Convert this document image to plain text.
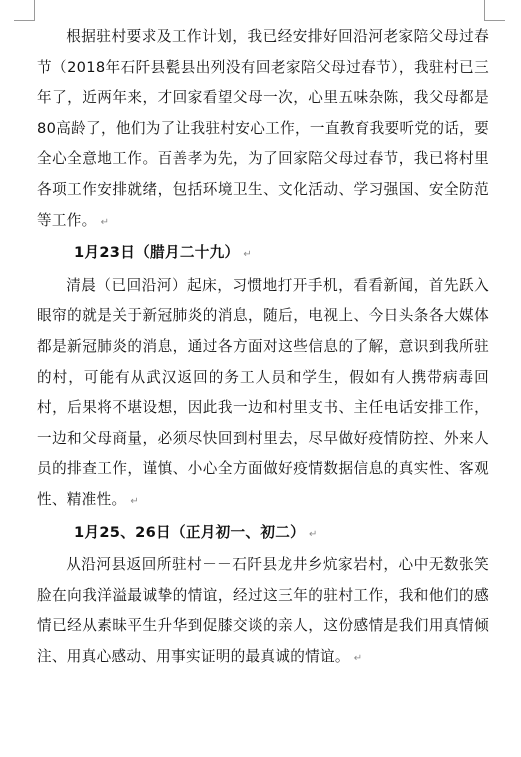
根据驻村要求及工作计划，我已经安排好回沿河老家陪父母过春节（2018年石阡县甏县出列没有回老家陪父母过春节），我驻村已三年了，近两年来，才回家看望父母一次，心里五味杂陈，我父母都是80高龄了，他们为了让我驻村安心工作，一直教育我要听党的话，要全心全意地工作。百善孝为先，为了回家陪父母过春节，我已将村里各项工作安排就绪，包括环境卫生、文化活动、学习强国、安全防范等工作。 ↵

1月23日（腊月二十九） ↵

清晨（已回沿河）起床，习惯地打开手机，看看新闻，首先跃入眼帘的就是关于新冠肺炎的消息，随后，电视上、今日头条各大媒体都是新冠肺炎的消息，通过各方面对这些信息的了解，意识到我所驻的村，可能有从武汉返回的务工人员和学生，假如有人携带病毒回村，后果将不堪设想，因此我一边和村里支书、主任电话安排工作，一边和父母商量，必须尽快回到村里去，尽早做好疫情防控、外来人员的排查工作，谨慎、小心全方面做好疫情数据信息的真实性、客观性、精准性。 ↵

1月25、26日（正月初一、初二） ↵

从沿河县返回所驻村－－石阡县龙井乡炕家岩村，心中无数张笑脸在向我洋溢最诚挚的情谊，经过这三年的驻村工作，我和他们的感情已经从素昧平生升华到促膝交谈的亲人，这份感情是我们用真情倾注、用真心感动、用事实证明的最真诚的情谊。 ↵
